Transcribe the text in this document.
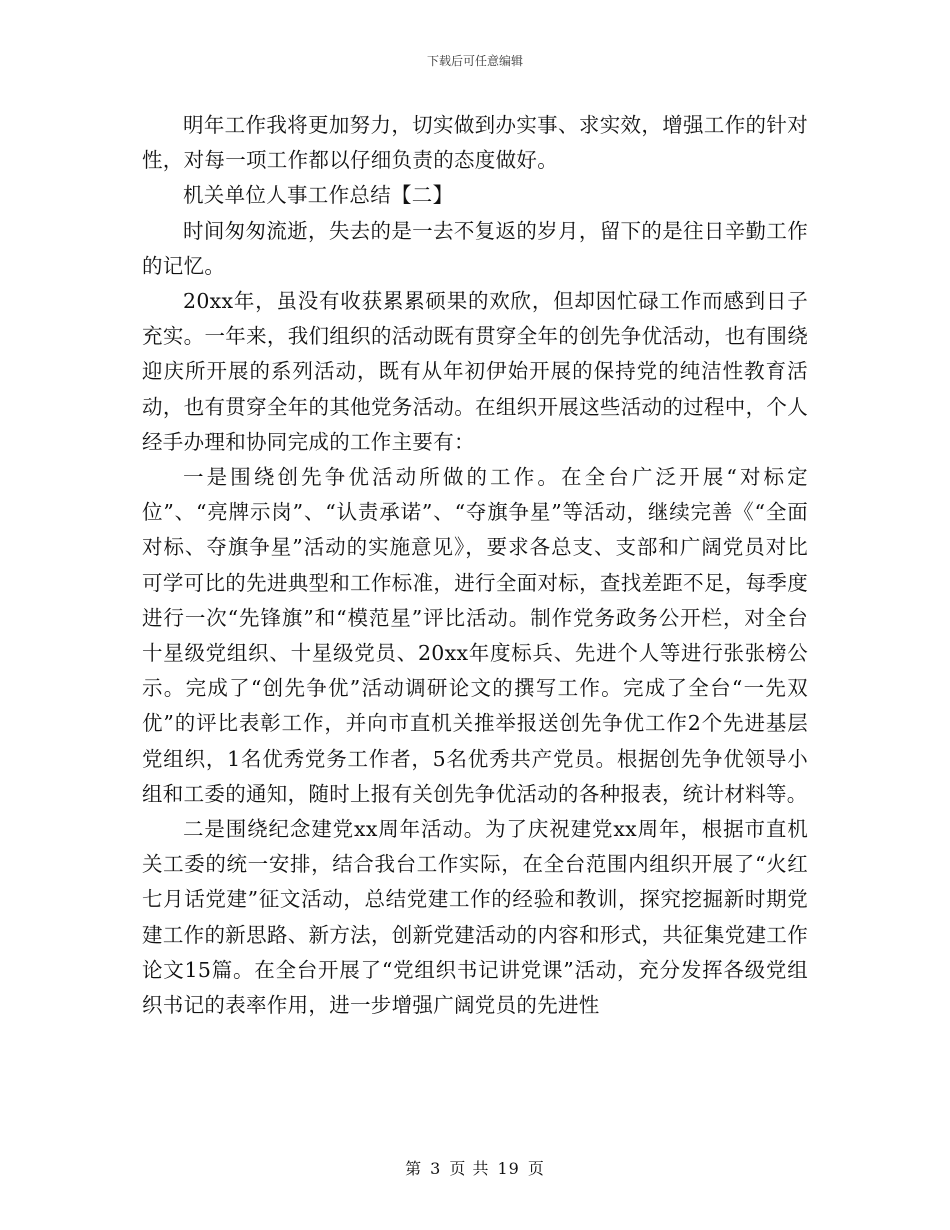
下载后可任意编辑

明年工作我将更加努力，切实做到办实事、求实效，增强工作的针对性，对每一项工作都以仔细负责的态度做好。

机关单位人事工作总结【二】

时间匆匆流逝，失去的是一去不复返的岁月，留下的是往日辛勤工作的记忆。

20xx年，虽没有收获累累硕果的欢欣，但却因忙碌工作而感到日子充实。一年来，我们组织的活动既有贯穿全年的创先争优活动，也有围绕迎庆所开展的系列活动，既有从年初伊始开展的保持党的纯洁性教育活动，也有贯穿全年的其他党务活动。在组织开展这些活动的过程中，个人经手办理和协同完成的工作主要有：

一是围绕创先争优活动所做的工作。在全台广泛开展“对标定位”、“亮牌示岗”、“认责承诺”、“夺旗争星”等活动，继续完善《“全面对标、夺旗争星”活动的实施意见》，要求各总支、支部和广阔党员对比可学可比的先进典型和工作标准，进行全面对标，查找差距不足，每季度进行一次“先锋旗”和“模范星”评比活动。制作党务政务公开栏，对全台十星级党组织、十星级党员、20xx年度标兵、先进个人等进行张张榜公示。完成了“创先争优”活动调研论文的撰写工作。完成了全台“一先双优”的评比表彰工作，并向市直机关推举报送创先争优工作2个先进基层党组织，1名优秀党务工作者，5名优秀共产党员。根据创先争优领导小组和工委的通知，随时上报有关创先争优活动的各种报表，统计材料等。

二是围绕纪念建党xx周年活动。为了庆祝建党xx周年，根据市直机关工委的统一安排，结合我台工作实际，在全台范围内组织开展了“火红七月话党建”征文活动，总结党建工作的经验和教训，探究挖掘新时期党建工作的新思路、新方法，创新党建活动的内容和形式，共征集党建工作论文15篇。在全台开展了“党组织书记讲党课”活动，充分发挥各级党组织书记的表率作用，进一步增强广阔党员的先进性

第 3 页 共 19 页
